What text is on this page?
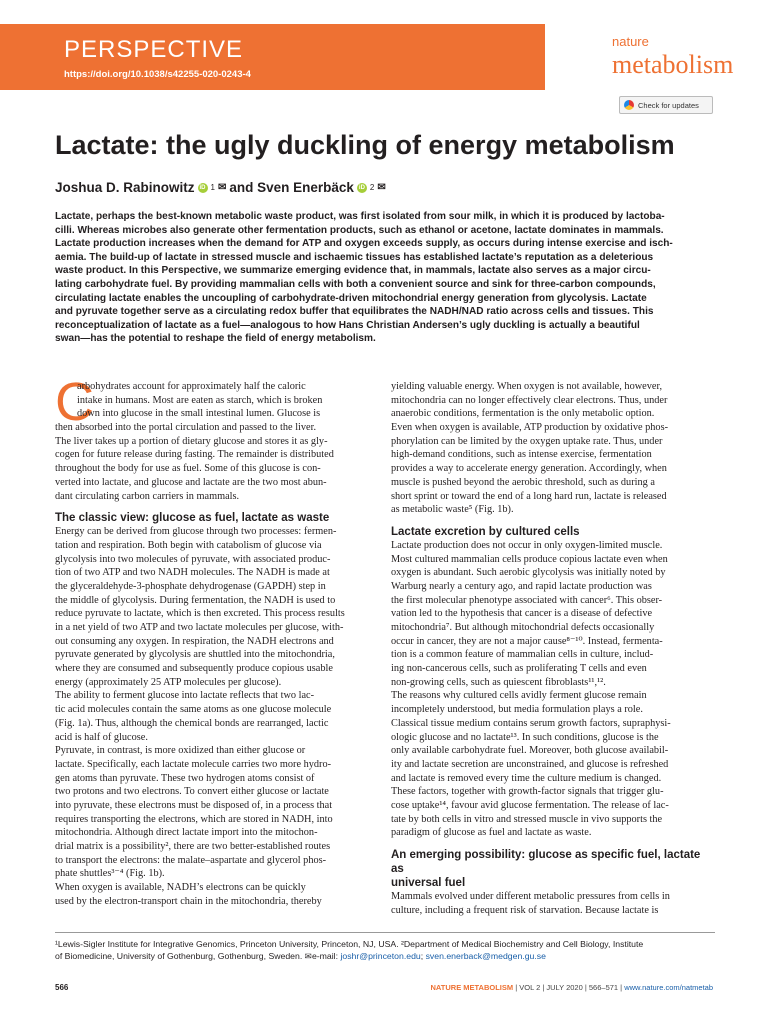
PERSPECTIVE
https://doi.org/10.1038/s42255-020-0243-4
nature
metabolism
Check for updates
Lactate: the ugly duckling of energy metabolism
Joshua D. Rabinowitz iD 1 ✉ and Sven Enerbäck iD 2 ✉
Lactate, perhaps the best-known metabolic waste product, was first isolated from sour milk, in which it is produced by lactoba-
cilli. Whereas microbes also generate other fermentation products, such as ethanol or acetone, lactate dominates in mammals.
Lactate production increases when the demand for ATP and oxygen exceeds supply, as occurs during intense exercise and isch-
aemia. The build-up of lactate in stressed muscle and ischaemic tissues has established lactate’s reputation as a deleterious
waste product. In this Perspective, we summarize emerging evidence that, in mammals, lactate also serves as a major circu-
lating carbohydrate fuel. By providing mammalian cells with both a convenient source and sink for three-carbon compounds,
circulating lactate enables the uncoupling of carbohydrate-driven mitochondrial energy generation from glycolysis. Lactate
and pyruvate together serve as a circulating redox buffer that equilibrates the NADH/NAD ratio across cells and tissues. This
reconceptualization of lactate as a fuel—analogous to how Hans Christian Andersen’s ugly duckling is actually a beautiful
swan—has the potential to reshape the field of energy metabolism.
C
arbohydrates account for approximately half the caloric
intake in humans. Most are eaten as starch, which is broken
down into glucose in the small intestinal lumen. Glucose is
then absorbed into the portal circulation and passed to the liver.
The liver takes up a portion of dietary glucose and stores it as gly-
cogen for future release during fasting. The remainder is distributed
throughout the body for use as fuel. Some of this glucose is con-
verted into lactate, and glucose and lactate are the two most abun-
dant circulating carbon carriers in mammals.
The classic view: glucose as fuel, lactate as waste
Energy can be derived from glucose through two processes: fermen-
tation and respiration. Both begin with catabolism of glucose via
glycolysis into two molecules of pyruvate, with associated produc-
tion of two ATP and two NADH molecules. The NADH is made at
the glyceraldehyde-3-phosphate dehydrogenase (GAPDH) step in
the middle of glycolysis. During fermentation, the NADH is used to
reduce pyruvate to lactate, which is then excreted. This process results
in a net yield of two ATP and two lactate molecules per glucose, with-
out consuming any oxygen. In respiration, the NADH electrons and
pyruvate generated by glycolysis are shuttled into the mitochondria,
where they are consumed and subsequently produce copious usable
energy (approximately 25 ATP molecules per glucose).
The ability to ferment glucose into lactate reflects that two lac-
tic acid molecules contain the same atoms as one glucose molecule
(Fig. 1a). Thus, although the chemical bonds are rearranged, lactic
acid is half of glucose.
Pyruvate, in contrast, is more oxidized than either glucose or
lactate. Specifically, each lactate molecule carries two more hydro-
gen atoms than pyruvate. These two hydrogen atoms consist of
two protons and two electrons. To convert either glucose or lactate
into pyruvate, these electrons must be disposed of, in a process that
requires transporting the electrons, which are stored in NADH, into
mitochondria. Although direct lactate import into the mitochon-
drial matrix is a possibility², there are two better-established routes
to transport the electrons: the malate–aspartate and glycerol phos-
phate shuttles³⁻⁴ (Fig. 1b).
When oxygen is available, NADH’s electrons can be quickly
used by the electron-transport chain in the mitochondria, thereby
yielding valuable energy. When oxygen is not available, however,
mitochondria can no longer effectively clear electrons. Thus, under
anaerobic conditions, fermentation is the only metabolic option.
Even when oxygen is available, ATP production by oxidative phos-
phorylation can be limited by the oxygen uptake rate. Thus, under
high-demand conditions, such as intense exercise, fermentation
provides a way to accelerate energy generation. Accordingly, when
muscle is pushed beyond the aerobic threshold, such as during a
short sprint or toward the end of a long hard run, lactate is released
as metabolic waste⁵ (Fig. 1b).
Lactate excretion by cultured cells
Lactate production does not occur in only oxygen-limited muscle.
Most cultured mammalian cells produce copious lactate even when
oxygen is abundant. Such aerobic glycolysis was initially noted by
Warburg nearly a century ago, and rapid lactate production was
the first molecular phenotype associated with cancer⁶. This obser-
vation led to the hypothesis that cancer is a disease of defective
mitochondria⁷. But although mitochondrial defects occasionally
occur in cancer, they are not a major cause⁸⁻¹⁰. Instead, fermenta-
tion is a common feature of mammalian cells in culture, includ-
ing non-cancerous cells, such as proliferating T cells and even
non-growing cells, such as quiescent fibroblasts¹¹,¹².
The reasons why cultured cells avidly ferment glucose remain
incompletely understood, but media formulation plays a role.
Classical tissue medium contains serum growth factors, supraphysi-
ologic glucose and no lactate¹³. In such conditions, glucose is the
only available carbohydrate fuel. Moreover, both glucose availabil-
ity and lactate secretion are unconstrained, and glucose is refreshed
and lactate is removed every time the culture medium is changed.
These factors, together with growth-factor signals that trigger glu-
cose uptake¹⁴, favour avid glucose fermentation. The release of lac-
tate by both cells in vitro and stressed muscle in vivo supports the
paradigm of glucose as fuel and lactate as waste.
An emerging possibility: glucose as specific fuel, lactate as
universal fuel
Mammals evolved under different metabolic pressures from cells in
culture, including a frequent risk of starvation. Because lactate is
¹Lewis-Sigler Institute for Integrative Genomics, Princeton University, Princeton, NJ, USA. ²Department of Medical Biochemistry and Cell Biology, Institute
of Biomedicine, University of Gothenburg, Gothenburg, Sweden. ✉e-mail: joshr@princeton.edu; sven.enerback@medgen.gu.se
566	NATURE METABOLISM | VOL 2 | JULY 2020 | 566–571 | www.nature.com/natmetab
